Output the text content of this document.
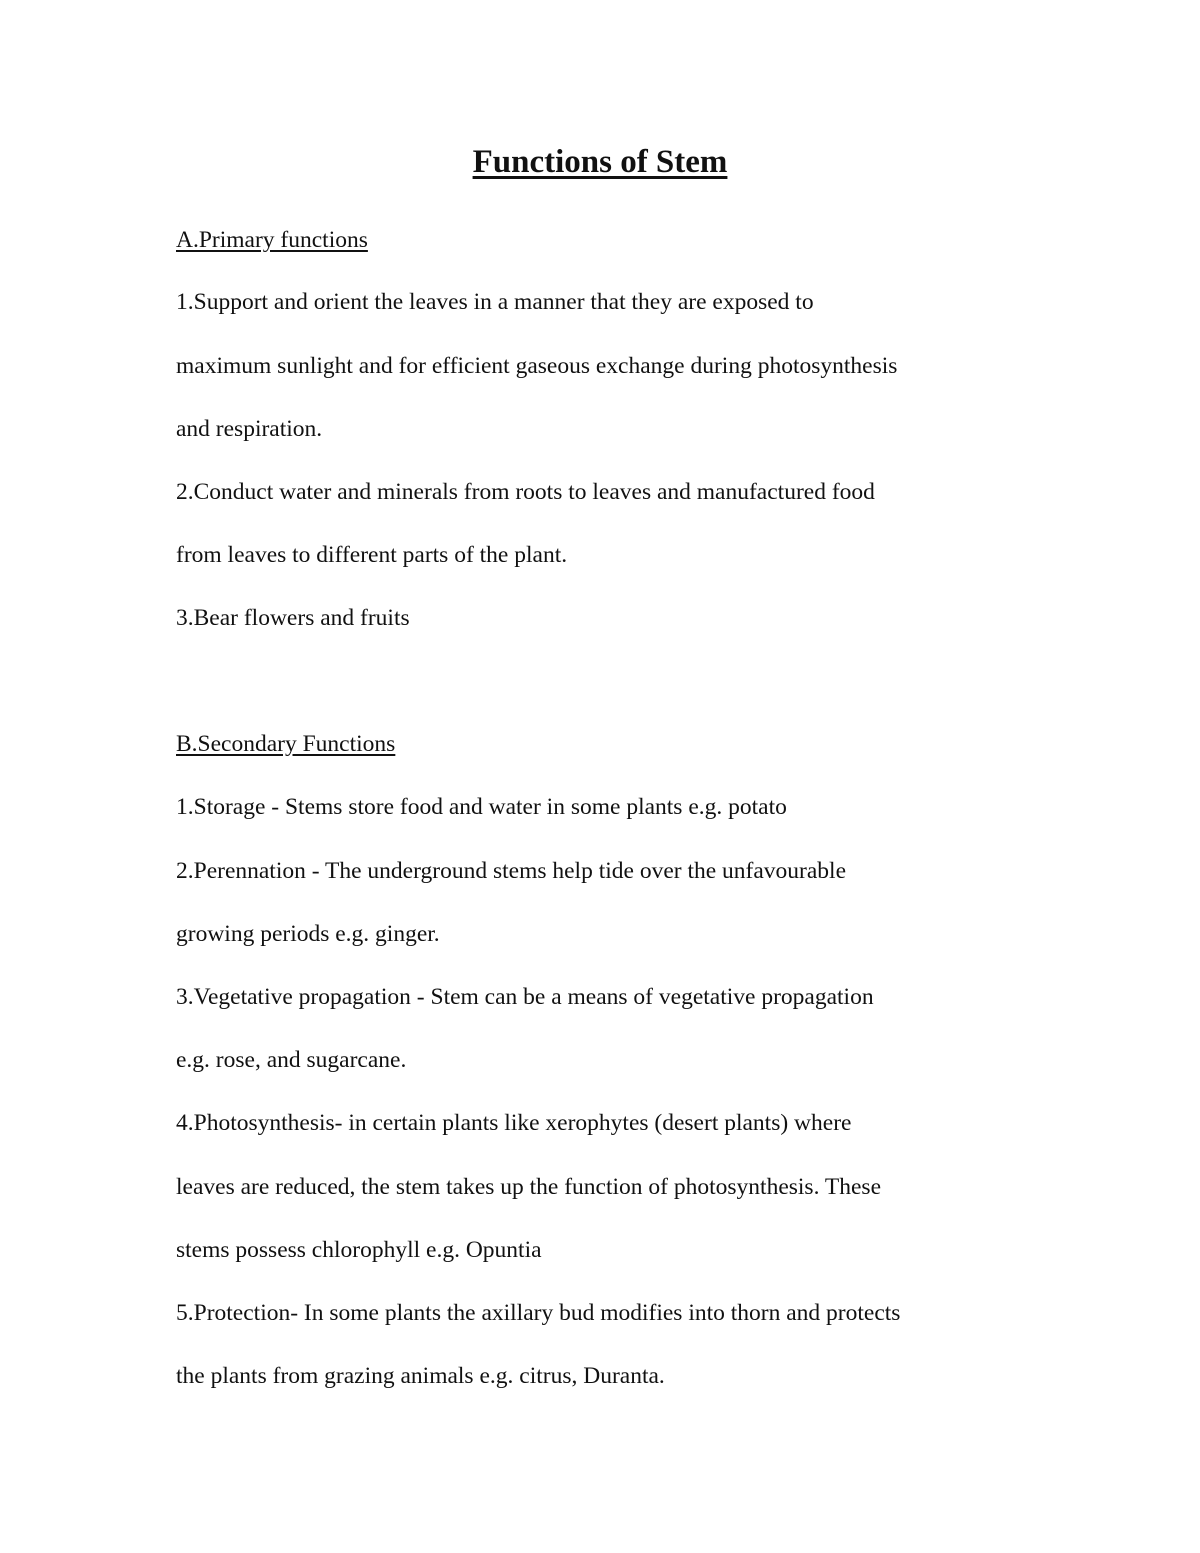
Functions of Stem
A.Primary functions
1.Support and orient the leaves in a manner that they are exposed to
maximum sunlight and for efficient gaseous exchange during photosynthesis
and respiration.
2.Conduct water and minerals from roots to leaves and manufactured food
from leaves to different parts of the plant.
3.Bear flowers and fruits
B.Secondary Functions
1.Storage - Stems store food and water in some plants e.g. potato
2.Perennation - The underground stems help tide over the unfavourable
growing periods e.g. ginger.
3.Vegetative propagation - Stem can be a means of vegetative propagation
e.g. rose, and sugarcane.
4.Photosynthesis- in certain plants like xerophytes (desert plants) where
leaves are reduced, the stem takes up the function of photosynthesis. These
stems possess chlorophyll e.g. Opuntia
5.Protection- In some plants the axillary bud modifies into thorn and protects
the plants from grazing animals e.g. citrus, Duranta.
